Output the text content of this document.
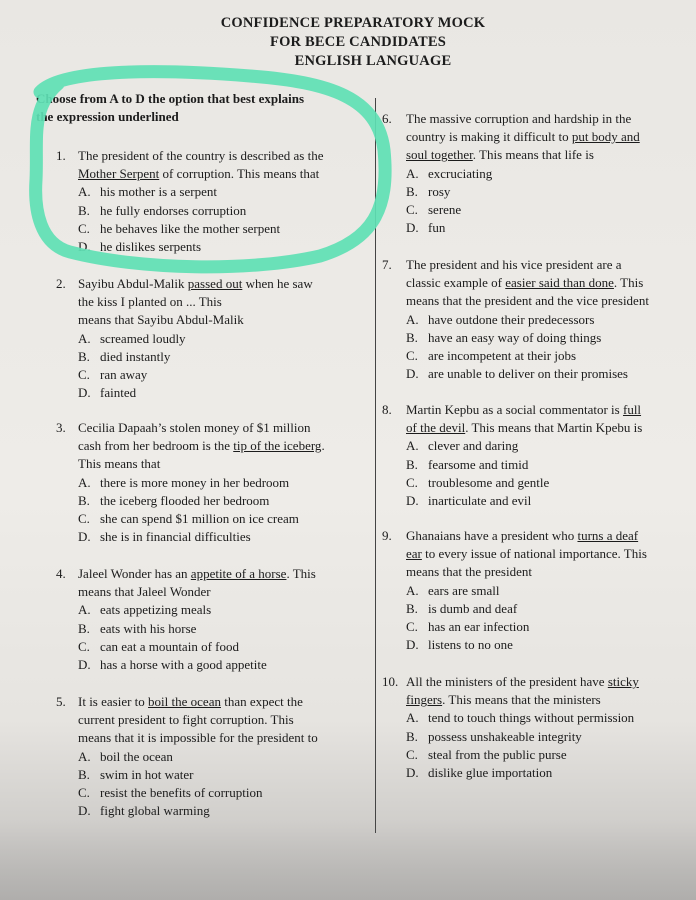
CONFIDENCE PREPARATORY MOCK
FOR BECE CANDIDATES
ENGLISH LANGUAGE
Choose from A to D the option that best explains
the expression underlined
1. The president of the country is described as the
Mother Serpent of corruption. This means that
A. his mother is a serpent
B. he fully endorses corruption
C. he behaves like the mother serpent
D. he dislikes serpents
2. Sayibu Abdul-Malik passed out when he saw
the kiss I planted on ... This
means that Sayibu Abdul-Malik
A. screamed loudly
B. died instantly
C. ran away
D. fainted
3. Cecilia Dapaah’s stolen money of $1 million
cash from her bedroom is the tip of the iceberg.
This means that
A. there is more money in her bedroom
B. the iceberg flooded her bedroom
C. she can spend $1 million on ice cream
D. she is in financial difficulties
4. Jaleel Wonder has an appetite of a horse. This
means that Jaleel Wonder
A. eats appetizing meals
B. eats with his horse
C. can eat a mountain of food
D. has a horse with a good appetite
5. It is easier to boil the ocean than expect the
current president to fight corruption. This
means that it is impossible for the president to
A. boil the ocean
B. swim in hot water
C. resist the benefits of corruption
D. fight global warming
6. The massive corruption and hardship in the
country is making it difficult to put body and
soul together. This means that life is
A. excruciating
B. rosy
C. serene
D. fun
7. The president and his vice president are a
classic example of easier said than done. This
means that the president and the vice president
A. have outdone their predecessors
B. have an easy way of doing things
C. are incompetent at their jobs
D. are unable to deliver on their promises
8. Martin Kepbu as a social commentator is full
of the devil. This means that Martin Kpebu is
A. clever and daring
B. fearsome and timid
C. troublesome and gentle
D. inarticulate and evil
9. Ghanaians have a president who turns a deaf
ear to every issue of national importance. This
means that the president
A. ears are small
B. is dumb and deaf
C. has an ear infection
D. listens to no one
10. All the ministers of the president have sticky
fingers. This means that the ministers
A. tend to touch things without permission
B. possess unshakeable integrity
C. steal from the public purse
D. dislike glue importation
